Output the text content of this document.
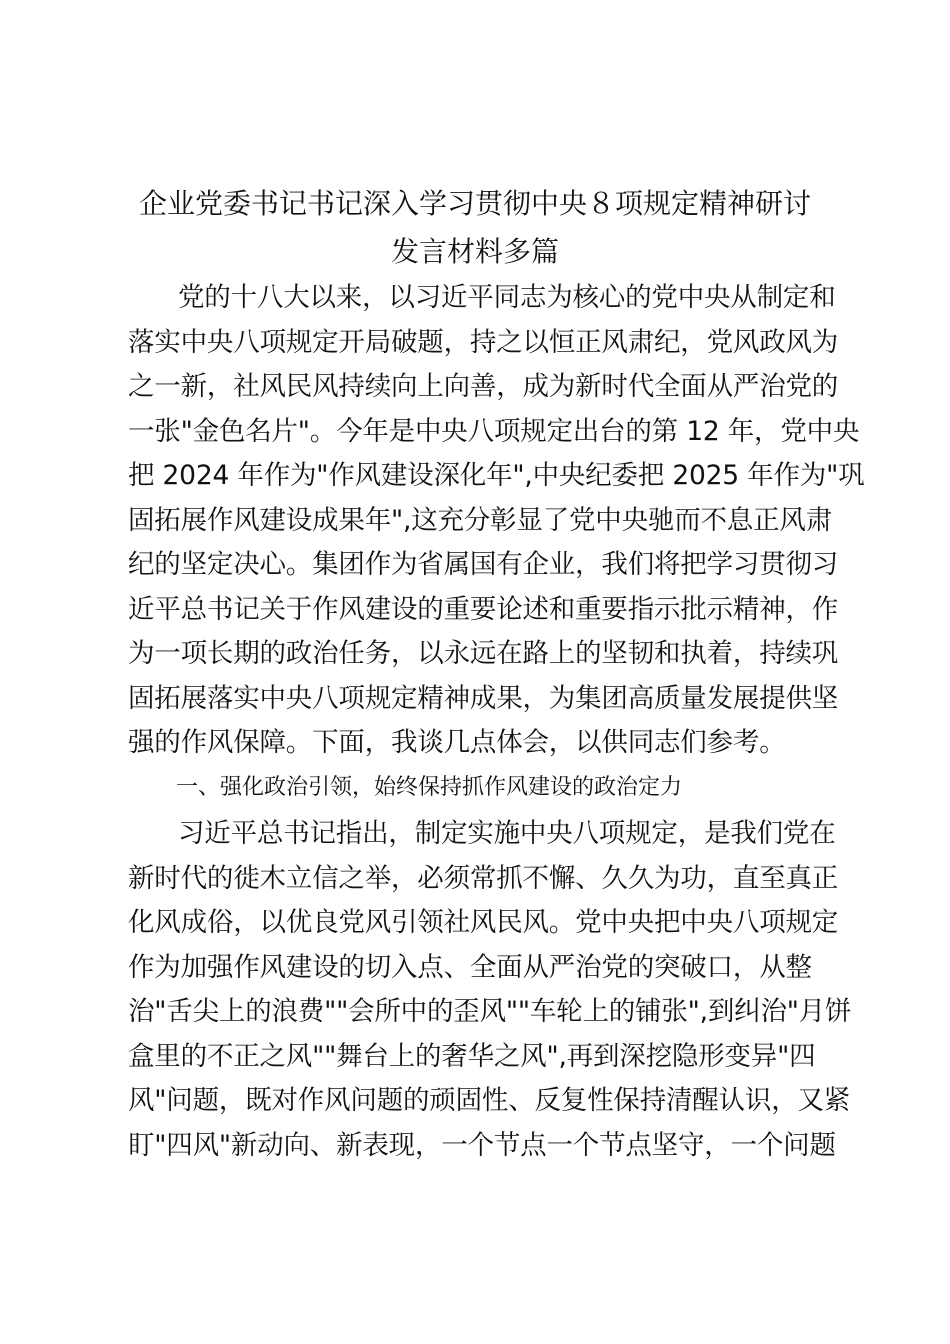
企业党委书记书记深入学习贯彻中央８项规定精神研讨
发言材料多篇
党的十八大以来，以习近平同志为核心的党中央从制定和
落实中央八项规定开局破题，持之以恒正风肃纪，党风政风为
之一新，社风民风持续向上向善，成为新时代全面从严治党的
一张"金色名片"。今年是中央八项规定出台的第 12 年，党中央
把 2024 年作为"作风建设深化年",中央纪委把 2025 年作为"巩
固拓展作风建设成果年",这充分彰显了党中央驰而不息正风肃
纪的坚定决心。集团作为省属国有企业，我们将把学习贯彻习
近平总书记关于作风建设的重要论述和重要指示批示精神，作
为一项长期的政治任务，以永远在路上的坚韧和执着，持续巩
固拓展落实中央八项规定精神成果，为集团高质量发展提供坚
强的作风保障。下面，我谈几点体会，以供同志们参考。
一、强化政治引领，始终保持抓作风建设的政治定力
习近平总书记指出，制定实施中央八项规定，是我们党在
新时代的徙木立信之举，必须常抓不懈、久久为功，直至真正
化风成俗，以优良党风引领社风民风。党中央把中央八项规定
作为加强作风建设的切入点、全面从严治党的突破口，从整
治"舌尖上的浪费""会所中的歪风""车轮上的铺张",到纠治"月饼
盒里的不正之风""舞台上的奢华之风",再到深挖隐形变异"四
风"问题，既对作风问题的顽固性、反复性保持清醒认识，又紧
盯"四风"新动向、新表现，一个节点一个节点坚守，一个问题
